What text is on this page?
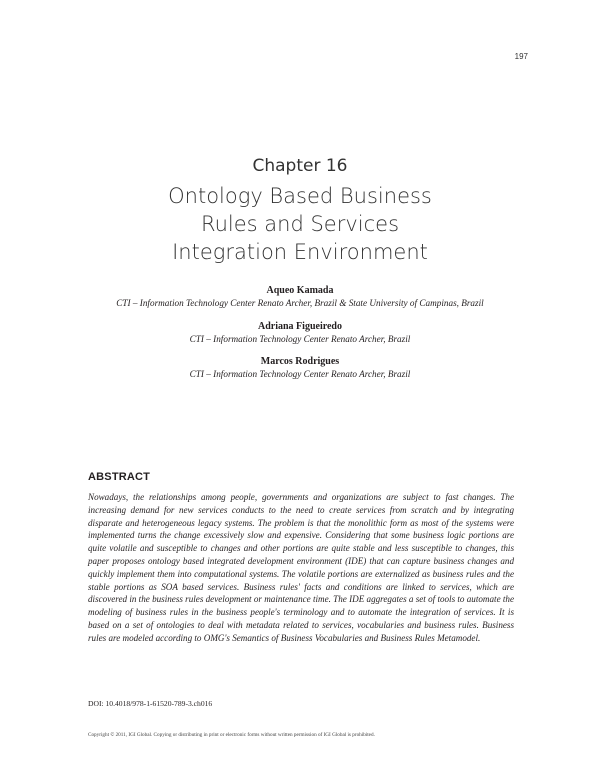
197
Chapter 16
Ontology Based Business
Rules and Services
Integration Environment
Aqueo Kamada
CTI – Information Technology Center Renato Archer, Brazil & State University of Campinas, Brazil
Adriana Figueiredo
CTI – Information Technology Center Renato Archer, Brazil
Marcos Rodrigues
CTI – Information Technology Center Renato Archer, Brazil
ABSTRACT
Nowadays, the relationships among people, governments and organizations are subject to fast changes. The increasing demand for new services conducts to the need to create services from scratch and by integrating disparate and heterogeneous legacy systems. The problem is that the monolithic form as most of the systems were implemented turns the change excessively slow and expensive. Considering that some business logic portions are quite volatile and susceptible to changes and other portions are quite stable and less susceptible to changes, this paper proposes ontology based integrated development environment (IDE) that can capture business changes and quickly implement them into computational systems. The volatile portions are externalized as business rules and the stable portions as SOA based services. Business rules' facts and conditions are linked to services, which are discovered in the business rules development or maintenance time. The IDE aggregates a set of tools to automate the modeling of business rules in the business people's terminology and to automate the integration of services. It is based on a set of ontologies to deal with metadata related to services, vocabularies and business rules. Business rules are modeled according to OMG's Semantics of Business Vocabularies and Business Rules Metamodel.
DOI: 10.4018/978-1-61520-789-3.ch016
Copyright © 2011, IGI Global. Copying or distributing in print or electronic forms without written permission of IGI Global is prohibited.
